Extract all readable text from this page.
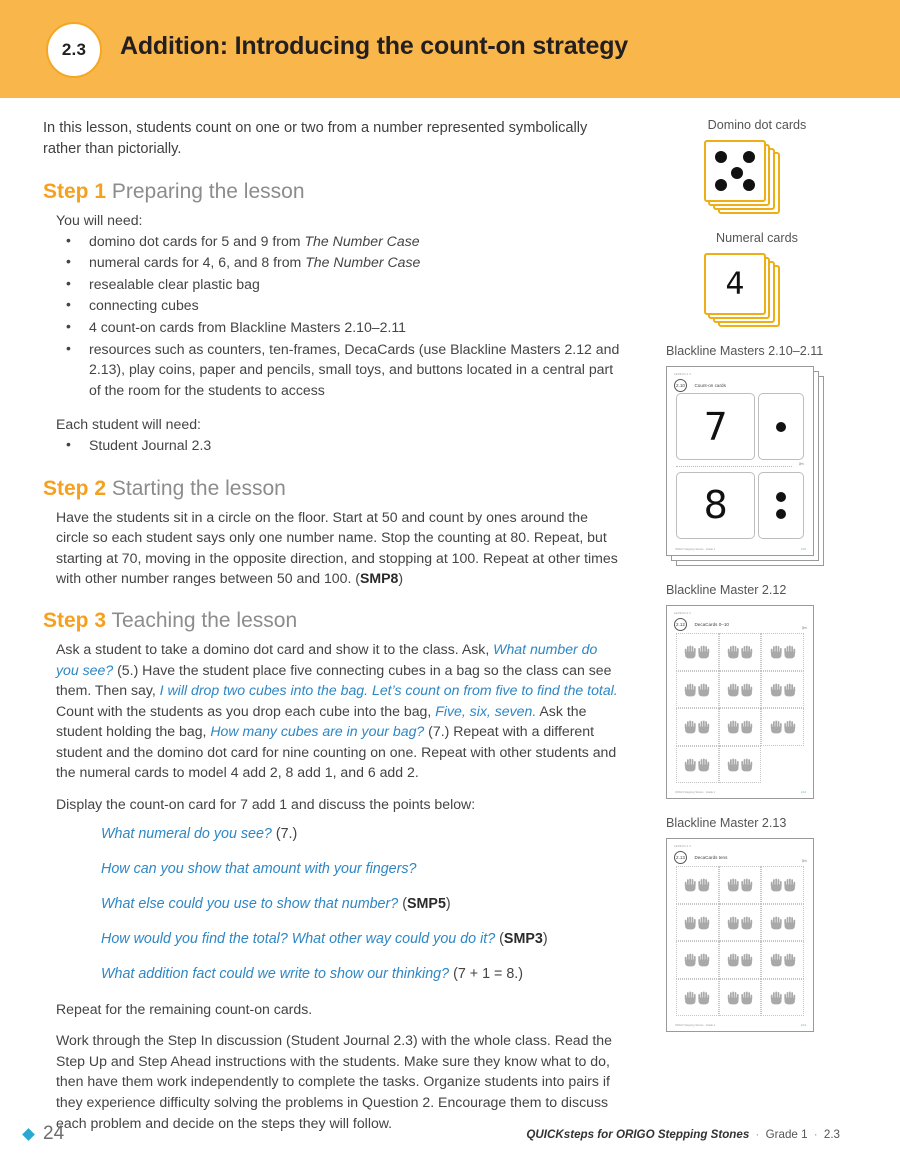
2.3	Addition: Introducing the count-on strategy

In this lesson, students count on one or two from a number represented symbolically rather than pictorially.

Step 1 Preparing the lesson
You will need:
• domino dot cards for 5 and 9 from The Number Case
• numeral cards for 4, 6, and 8 from The Number Case
• resealable clear plastic bag
• connecting cubes
• 4 count-on cards from Blackline Masters 2.10–2.11
• resources such as counters, ten-frames, DecaCards (use Blackline Masters 2.12 and 2.13), play coins, paper and pencils, small toys, and buttons located in a central part of the room for the students to access
Each student will need:
• Student Journal 2.3
Step 2 Starting the lesson

Have the students sit in a circle on the floor. Start at 50 and count by ones around the circle so each student says only one number name. Stop the counting at 80. Repeat, but starting at 70, moving in the opposite direction, and stopping at 100. Repeat at other times with other number ranges between 50 and 100. (SMP8)

Step 3 Teaching the lesson

Ask a student to take a domino dot card and show it to the class. Ask, What number do you see? (5.) Have the student place five connecting cubes in a bag so the class can see them. Then say, I will drop two cubes into the bag. Let’s count on from five to find the total. Count with the students as you drop each cube into the bag, Five, six, seven. Ask the student holding the bag, How many cubes are in your bag? (7.) Repeat with a different student and the domino dot card for nine counting on one. Repeat with other students and the numeral cards to model 4 add 2, 8 add 1, and 6 add 2.

Display the count-on card for 7 add 1 and discuss the points below:

What numeral do you see? (7.)
How can you show that amount with your fingers?
What else could you use to show that number? (SMP5)
How would you find the total? What other way could you do it? (SMP3)
What addition fact could we write to show our thinking? (7 + 1 = 8.)

Repeat for the remaining count-on cards.

Work through the Step In discussion (Student Journal 2.3) with the whole class. Read the Step Up and Step Ahead instructions with the students. Make sure they know what to do, then have them work independently to complete the tasks. Organize students into pairs if they experience difficulty solving the problems in Question 2. Encourage them to discuss each problem and decide on the steps they will follow.

Domino dot cards
Numeral cards
4
Blackline Masters 2.10–2.11
LESSON 2.3
2.10 Count-on cards
7
✄
8

2.10
ORIGO Stepping Stones · Grade 1
Blackline Master 2.12
LESSON 2.3
2.12 DecaCards 0–10
✄

2.12
ORIGO Stepping Stones · Grade 1
Blackline Master 2.13
LESSON 2.3
2.13 DecaCards tens
✄

2.13
ORIGO Stepping Stones · Grade 1
24	QUICKsteps for ORIGO Stepping Stones · Grade 1 · 2.3
